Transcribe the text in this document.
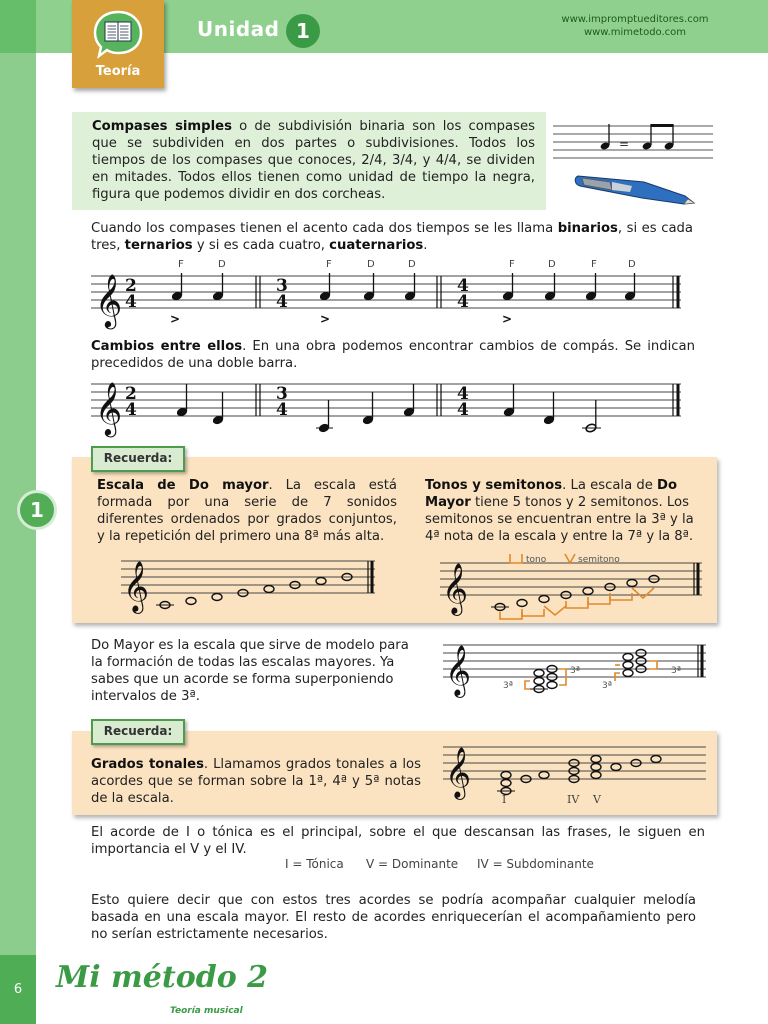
Teoría
Unidad 1	www.impromptueditores.com
www.mimetodo.com
Compases simples o de subdivisión binaria son los compases que se subdividen en dos partes o subdivisiones. Todos los tiempos de los compases que conoces, 2/4, 3/4, y 4/4, se dividen en mitades. Todos ellos tienen como unidad de tiempo la negra, figura que podemos dividir en dos corcheas.
=
Cuando los compases tienen el acento cada dos tiempos se les llama binarios, si es cada tres, ternarios y si es cada cuatro, cuaternarios.
𝄞 2
4
3
4
4
4
F	D	F	D	D	F	D	F	D
>	>	>
Cambios entre ellos. En una obra podemos encontrar cambios de compás. Se indican precedidos de una doble barra.
𝄞 2
4
3
4
4
4
Recuerda:
1
Escala de Do mayor. La escala está formada por una serie de 7 sonidos diferentes ordenados por grados conjuntos, y la repetición del primero una 8ª más alta.
Tonos y semitonos. La escala de Do Mayor tiene 5 tonos y 2 semitonos. Los semitonos se encuentran entre la 3ª y la 4ª nota de la escala y entre la 7ª y la 8ª.
𝄞	𝄞
tono	semitono
Do Mayor es la escala que sirve de modelo para la formación de todas las escalas mayores. Ya sabes que un acorde se forma superponiendo intervalos de 3ª.
𝄞	3ª
3ª
3ª
3ª
Recuerda:
Grados tonales. Llamamos grados tonales a los acordes que se forman sobre la 1ª, 4ª y 5ª notas de la escala.
𝄞
I	IV V
El acorde de I o tónica es el principal, sobre el que descansan las frases, le siguen en importancia el V y el IV.
I = Tónica V = Dominante IV = Subdominante
Esto quiere decir que con estos tres acordes se podría acompañar cualquier melodía basada en una escala mayor. El resto de acordes enriquecerían el acompañamiento pero no serían estrictamente necesarios.
6	Mi método 2
Teoría musical
